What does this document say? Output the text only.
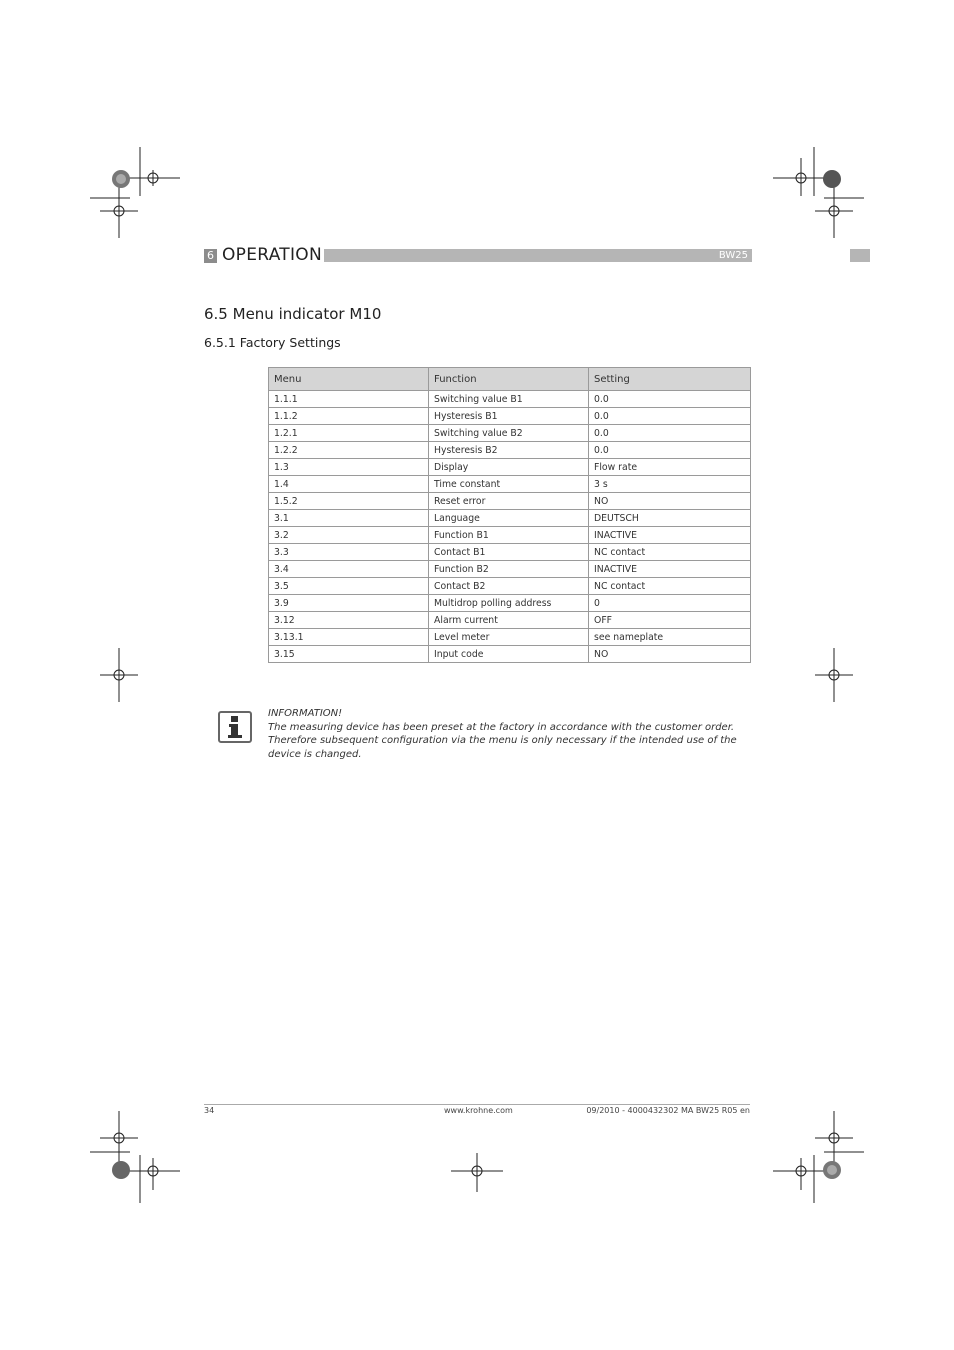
6 OPERATION	BW25
6.5 Menu indicator M10
6.5.1 Factory Settings
Menu	Function	Setting
1.1.1	Switching value B1	0.0
1.1.2	Hysteresis B1	0.0
1.2.1	Switching value B2	0.0
1.2.2	Hysteresis B2	0.0
1.3	Display	Flow rate
1.4	Time constant	3 s
1.5.2	Reset error	NO
3.1	Language	DEUTSCH
3.2	Function B1	INACTIVE
3.3	Contact B1	NC contact
3.4	Function B2	INACTIVE
3.5	Contact B2	NC contact
3.9	Multidrop polling address	0
3.12	Alarm current	OFF
3.13.1	Level meter	see nameplate
3.15	Input code	NO
INFORMATION!
The measuring device has been preset at the factory in accordance with the customer order. Therefore subsequent configuration via the menu is only necessary if the intended use of the device is changed.
34	www.krohne.com	09/2010 - 4000432302 MA BW25 R05 en
